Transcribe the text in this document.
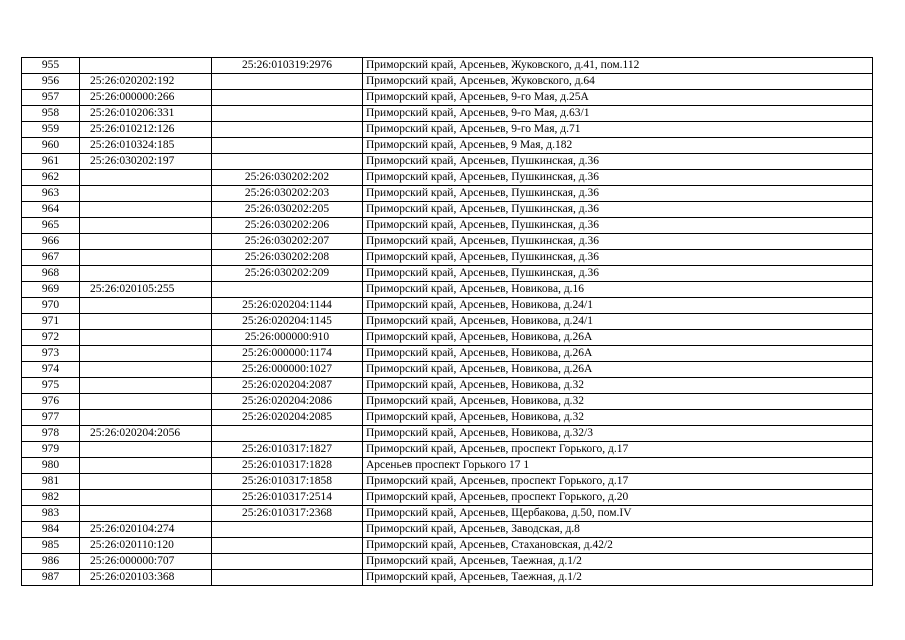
955		25:26:010319:2976	Приморский край, Арсеньев, Жуковского, д.41, пом.112
956	25:26:020202:192		Приморский край, Арсеньев, Жуковского, д.64
957	25:26:000000:266		Приморский край, Арсеньев, 9-го Мая, д.25А
958	25:26:010206:331		Приморский край, Арсеньев, 9-го Мая, д.63/1
959	25:26:010212:126		Приморский край, Арсеньев, 9-го Мая, д.71
960	25:26:010324:185		Приморский край, Арсеньев, 9 Мая, д.182
961	25:26:030202:197		Приморский край, Арсеньев, Пушкинская, д.36
962		25:26:030202:202	Приморский край, Арсеньев, Пушкинская, д.36
963		25:26:030202:203	Приморский край, Арсеньев, Пушкинская, д.36
964		25:26:030202:205	Приморский край, Арсеньев, Пушкинская, д.36
965		25:26:030202:206	Приморский край, Арсеньев, Пушкинская, д.36
966		25:26:030202:207	Приморский край, Арсеньев, Пушкинская, д.36
967		25:26:030202:208	Приморский край, Арсеньев, Пушкинская, д.36
968		25:26:030202:209	Приморский край, Арсеньев, Пушкинская, д.36
969	25:26:020105:255		Приморский край, Арсеньев, Новикова, д.16
970		25:26:020204:1144	Приморский край, Арсеньев, Новикова, д.24/1
971		25:26:020204:1145	Приморский край, Арсеньев, Новикова, д.24/1
972		25:26:000000:910	Приморский край, Арсеньев, Новикова, д.26А
973		25:26:000000:1174	Приморский край, Арсеньев, Новикова, д.26А
974		25:26:000000:1027	Приморский край, Арсеньев, Новикова, д.26А
975		25:26:020204:2087	Приморский край, Арсеньев, Новикова, д.32
976		25:26:020204:2086	Приморский край, Арсеньев, Новикова, д.32
977		25:26:020204:2085	Приморский край, Арсеньев, Новикова, д.32
978	25:26:020204:2056		Приморский край, Арсеньев, Новикова, д.32/3
979		25:26:010317:1827	Приморский край, Арсеньев, проспект Горького, д.17
980		25:26:010317:1828	Арсеньев проспект Горького 17 1
981		25:26:010317:1858	Приморский край, Арсеньев, проспект Горького, д.17
982		25:26:010317:2514	Приморский край, Арсеньев, проспект Горького, д.20
983		25:26:010317:2368	Приморский край, Арсеньев, Щербакова, д.50, пом.IV
984	25:26:020104:274		Приморский край, Арсеньев, Заводская, д.8
985	25:26:020110:120		Приморский край, Арсеньев, Стахановская, д.42/2
986	25:26:000000:707		Приморский край, Арсеньев, Таежная, д.1/2
987	25:26:020103:368		Приморский край, Арсеньев, Таежная, д.1/2
